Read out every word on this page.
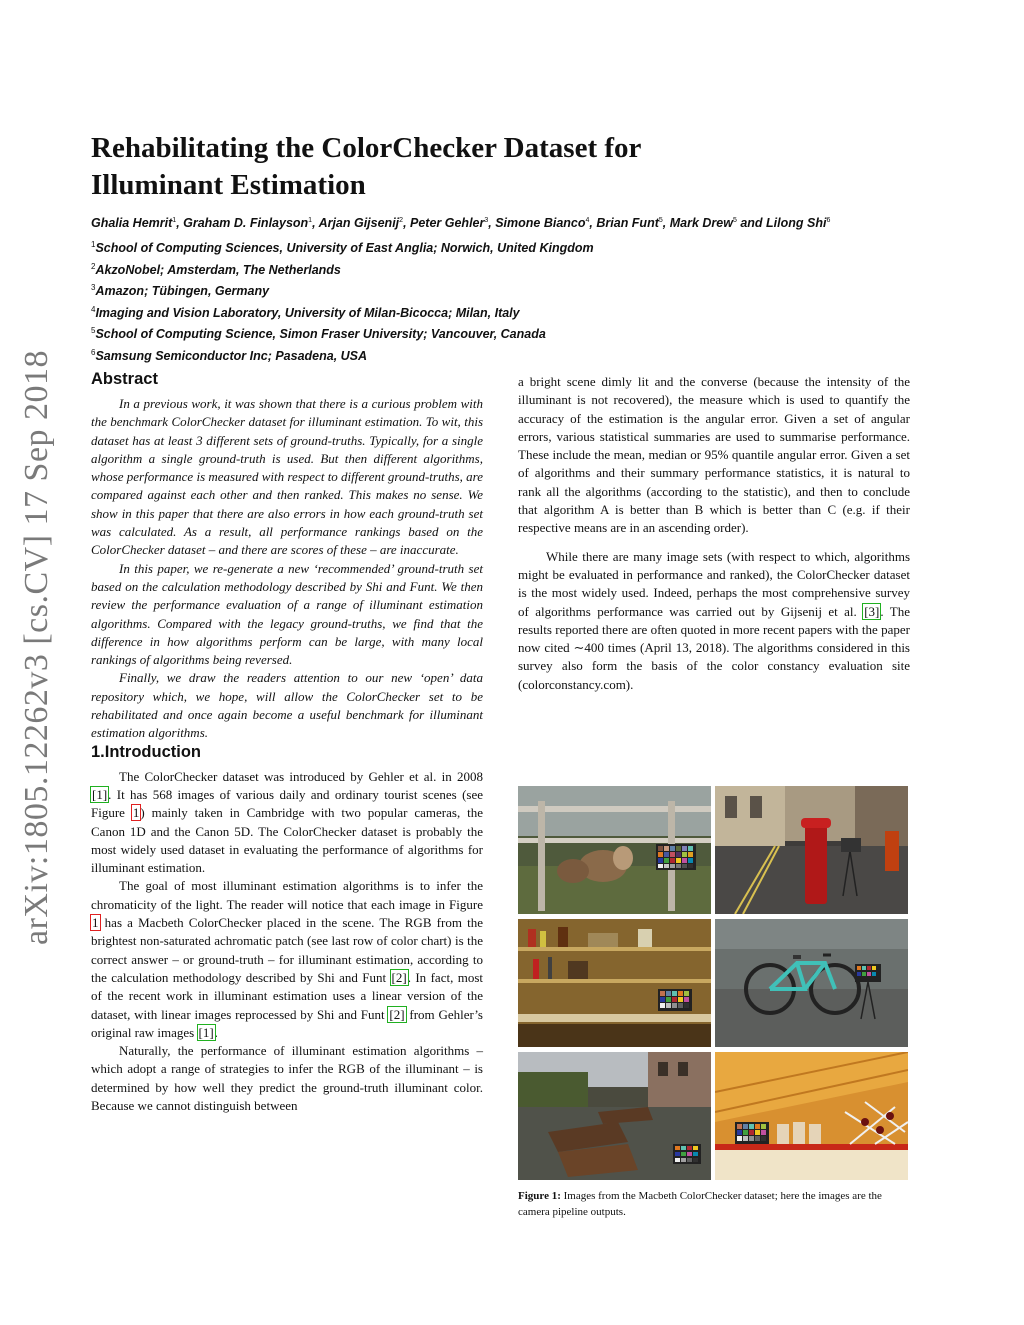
arXiv:1805.12262v3 [cs.CV] 17 Sep 2018
Rehabilitating the ColorChecker Dataset for
Illuminant Estimation
Ghalia Hemrit$^1$, Graham D. Finlayson$^1$, Arjan Gijsenij$^2$, Peter Gehler$^3$, Simone Bianco$^4$, Brian Funt$^5$, Mark Drew$^5$ and Lilong Shi$^6$
$^1$School of Computing Sciences, University of East Anglia; Norwich, United Kingdom
$^2$AkzoNobel; Amsterdam, The Netherlands
$^3$Amazon; Tübingen, Germany
$^4$Imaging and Vision Laboratory, University of Milan-Bicocca; Milan, Italy
$^5$School of Computing Science, Simon Fraser University; Vancouver, Canada
$^6$Samsung Semiconductor Inc; Pasadena, USA
Abstract

In a previous work, it was shown that there is a curious problem with the benchmark ColorChecker dataset for illuminant estimation. To wit, this dataset has at least 3 different sets of ground-truths. Typically, for a single algorithm a single ground-truth is used. But then different algorithms, whose performance is measured with respect to different ground-truths, are compared against each other and then ranked. This makes no sense. We show in this paper that there are also errors in how each ground-truth set was calculated. As a result, all performance rankings based on the ColorChecker dataset – and there are scores of these – are inaccurate.

In this paper, we re-generate a new ‘recommended’ ground-truth set based on the calculation methodology described by Shi and Funt. We then review the performance evaluation of a range of illuminant estimation algorithms. Compared with the legacy ground-truths, we find that the difference in how algorithms perform can be large, with many local rankings of algorithms being reversed.

Finally, we draw the readers attention to our new ‘open’ data repository which, we hope, will allow the ColorChecker set to be rehabilitated and once again become a useful benchmark for illuminant estimation algorithms.

1.Introduction

The ColorChecker dataset was introduced by Gehler et al. in 2008 [1]. It has 568 images of various daily and ordinary tourist scenes (see Figure 1) mainly taken in Cambridge with two popular cameras, the Canon 1D and the Canon 5D. The ColorChecker dataset is probably the most widely used dataset in evaluating the performance of algorithms for illuminant estimation.

The goal of most illuminant estimation algorithms is to infer the chromaticity of the light. The reader will notice that each image in Figure 1 has a Macbeth ColorChecker placed in the scene. The RGB from the brightest non-saturated achromatic patch (see last row of color chart) is the correct answer – or ground-truth – for illuminant estimation, according to the calculation methodology described by Shi and Funt [2]. In fact, most of the recent work in illuminant estimation uses a linear version of the dataset, with linear images reprocessed by Shi and Funt [2] from Gehler’s original raw images [1].

Naturally, the performance of illuminant estimation algorithms – which adopt a range of strategies to infer the RGB of the illuminant – is determined by how well they predict the ground-truth illuminant color. Because we cannot distinguish between

a bright scene dimly lit and the converse (because the intensity of the illuminant is not recovered), the measure which is used to quantify the accuracy of the estimation is the angular error. Given a set of angular errors, various statistical summaries are used to summarise performance. These include the mean, median or 95% quantile angular error. Given a set of algorithms and their summary performance statistics, it is natural to rank all the algorithms (according to the statistic), and then to conclude that algorithm A is better than B which is better than C (e.g. if their respective means are in an ascending order).

While there are many image sets (with respect to which, algorithms might be evaluated in performance and ranked), the ColorChecker dataset is the most widely used. Indeed, perhaps the most comprehensive survey of algorithms performance was carried out by Gijsenij et al. [3]. The results reported there are often quoted in more recent papers with the paper now cited ∼400 times (April 13, 2018). The algorithms considered in this survey also form the basis of the color constancy evaluation site (colorconstancy.com).

Figure 1: Images from the Macbeth ColorChecker dataset; here the images are the camera pipeline outputs.
